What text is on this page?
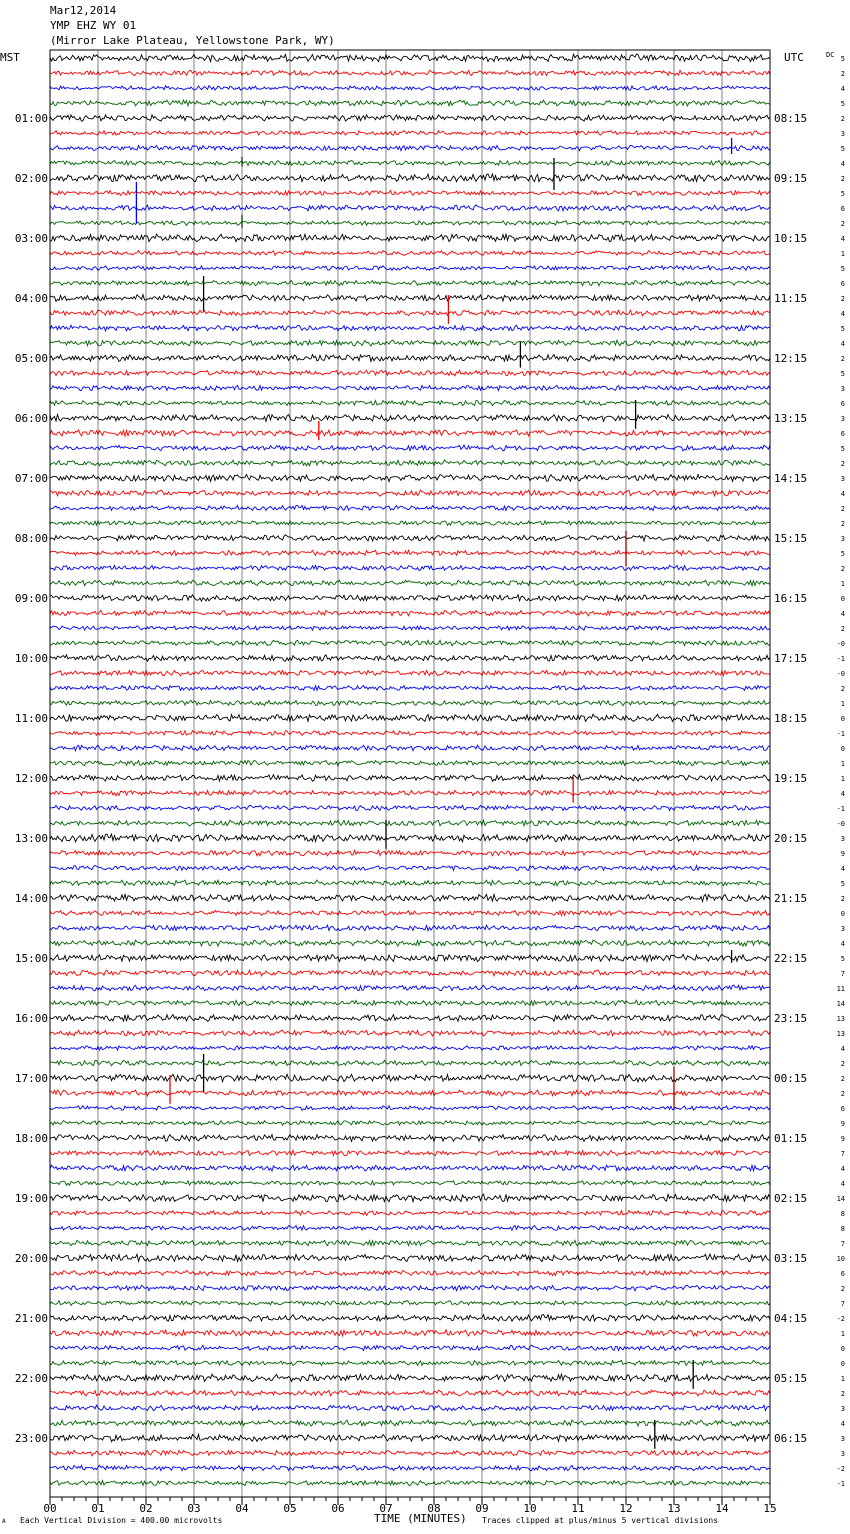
Mar12,2014
YMP EHZ WY 01
(Mirror Lake Plateau, Yellowstone Park, WY)
MST	UTC	DC
00	01	02	03	04	05	06	07	08	09	10	11	12	13	14	15
01:00
02:00
03:00
04:00
05:00
06:00
07:00
08:00
09:00
10:00
11:00
12:00
13:00
14:00
15:00
16:00
17:00
18:00
19:00
20:00
21:00
22:00
23:00
08:15
09:15
10:15
11:15
12:15
13:15
14:15
15:15
16:15
17:15
18:15
19:15
20:15
21:15
22:15
23:15
00:15
01:15
02:15
03:15
04:15
05:15
06:15
5
2
4
5
2
3
5
4
2
5
6
2
4
1
5
6
2
4
5
4
2
5
3
6
3
6
5
2
3
4
2
2
3
5
2
1
0
4
2
-0
-1
-0
2
1
0
-1
0
1
1
4
-1
-0
3
9
4
5
2
0
3
4
5
7
11
14
13
13
4
2
2
2
6
9
9
7
4
4
14
8
8
7
10
6
2
7
-2
1
0
0
1
2
3
4
3
3
-2
-1
A Each Vertical Division = 400.00 microvolts	TIME (MINUTES) Traces clipped at plus/minus 5 vertical divisions
